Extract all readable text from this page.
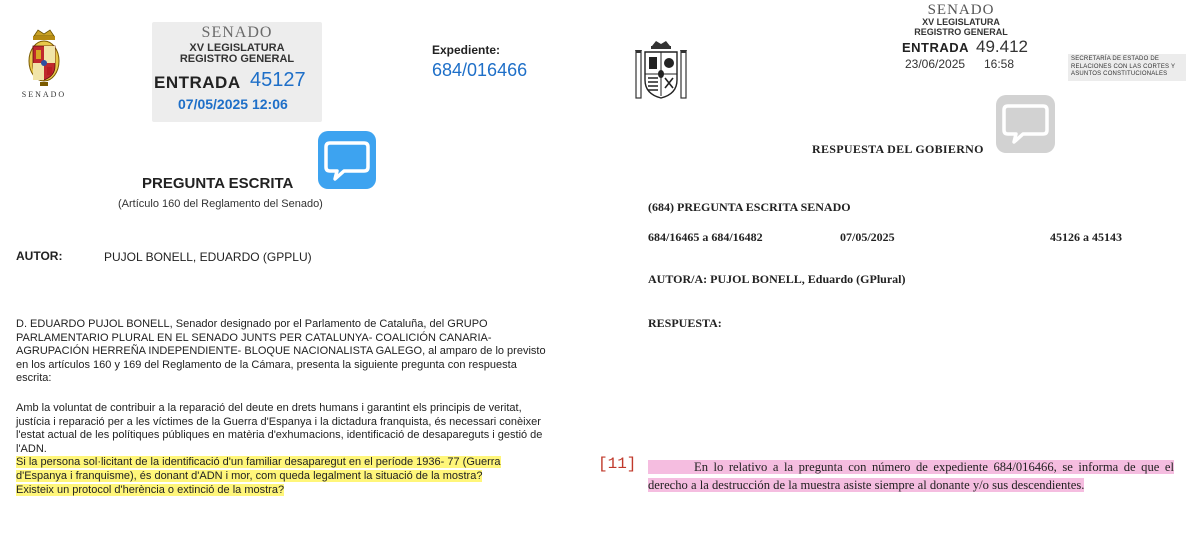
SENADO
SENADO
XV LEGISLATURA
REGISTRO GENERAL
ENTRADA 45127
07/05/2025 12:06
Expediente:
684/016466
PREGUNTA ESCRITA
(Artículo 160 del Reglamento del Senado)
AUTOR:	PUJOL BONELL, EDUARDO (GPPLU)
D. EDUARDO PUJOL BONELL, Senador designado por el Parlamento de Cataluña, del GRUPO PARLAMENTARIO PLURAL EN EL SENADO JUNTS PER CATALUNYA- COALICIÓN CANARIA- AGRUPACIÓN HERREÑA INDEPENDIENTE- BLOQUE NACIONALISTA GALEGO, al amparo de lo previsto en los artículos 160 y 169 del Reglamento de la Cámara, presenta la siguiente pregunta con respuesta escrita:
Amb la voluntat de contribuir a la reparació del deute en drets humans i garantint els principis de veritat, justícia i reparació per a les víctimes de la Guerra d'Espanya i la dictadura franquista, és necessari conèixer l'estat actual de les polítiques públiques en matèria d'exhumacions, identificació de desapareguts i gestió de l'ADN.
Si la persona sol·licitant de la identificació d'un familiar desaparegut en el període 1936- 77 (Guerra d'Espanya i franquisme), és donant d'ADN i mor, com queda legalment la situació de la mostra?
Existeix un protocol d'herència o extinció de la mostra?
SENADO
XV LEGISLATURA
REGISTRO GENERAL
ENTRADA 49.412
23/06/2025 16:58	SECRETARÍA DE ESTADO DE
RELACIONES CON LAS CORTES Y
ASUNTOS CONSTITUCIONALES
RESPUESTA DEL GOBIERNO
(684) PREGUNTA ESCRITA SENADO
684/16465 a 684/16482	07/05/2025	45126 a 45143
AUTOR/A: PUJOL BONELL, Eduardo (GPlural)
RESPUESTA:
[11]	En lo relativo a la pregunta con número de expediente 684/016466, se informa de que el derecho a la destrucción de la muestra asiste siempre al donante y/o sus descendientes.
